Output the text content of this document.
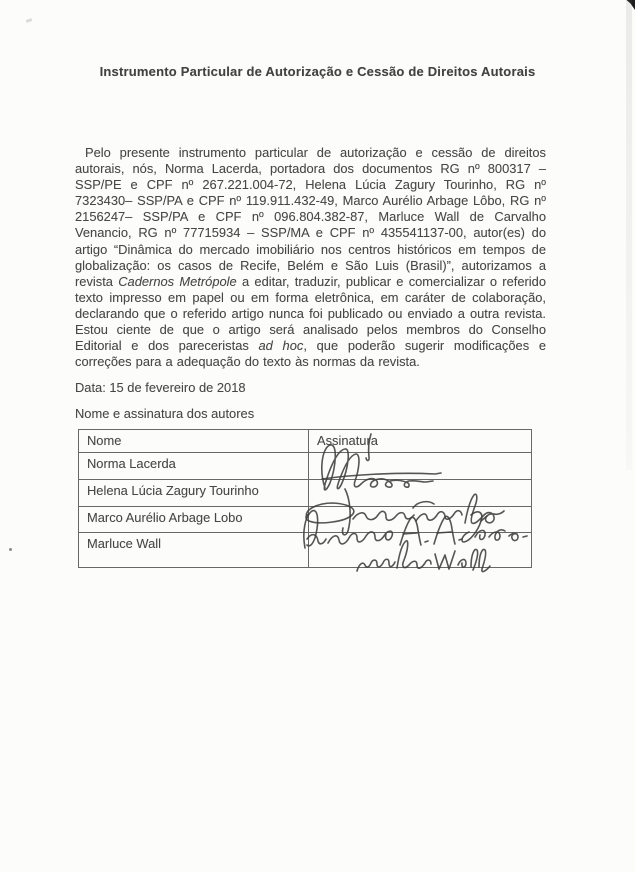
Instrumento Particular de Autorização e Cessão de Direitos Autorais

Pelo presente instrumento particular de autorização e cessão de direitos autorais, nós, Norma Lacerda, portadora dos documentos RG nº 800317 – SSP/PE e CPF nº 267.221.004-72, Helena Lúcia Zagury Tourinho, RG nº 7323430– SSP/PA e CPF nº 119.911.432-49, Marco Aurélio Arbage Lôbo, RG nº 2156247– SSP/PA e CPF nº 096.804.382-87, Marluce Wall de Carvalho Venancio, RG nº 77715934 – SSP/MA e CPF nº 435541137-00, autor(es) do artigo “Dinâmica do mercado imobiliário nos centros históricos em tempos de globalização: os casos de Recife, Belém e São Luis (Brasil)”, autorizamos a revista Cadernos Metrópole a editar, traduzir, publicar e comercializar o referido texto impresso em papel ou em forma eletrônica, em caráter de colaboração, declarando que o referido artigo nunca foi publicado ou enviado a outra revista. Estou ciente de que o artigo será analisado pelos membros do Conselho Editorial e dos pareceristas ad hoc, que poderão sugerir modificações e correções para a adequação do texto às normas da revista.

Data: 15 de fevereiro de 2018
Nome e assinatura dos autores
Nome	Assinatura
Norma Lacerda	
Helena Lúcia Zagury Tourinho	
Marco Aurélio Arbage Lobo	
Marluce Wall	
